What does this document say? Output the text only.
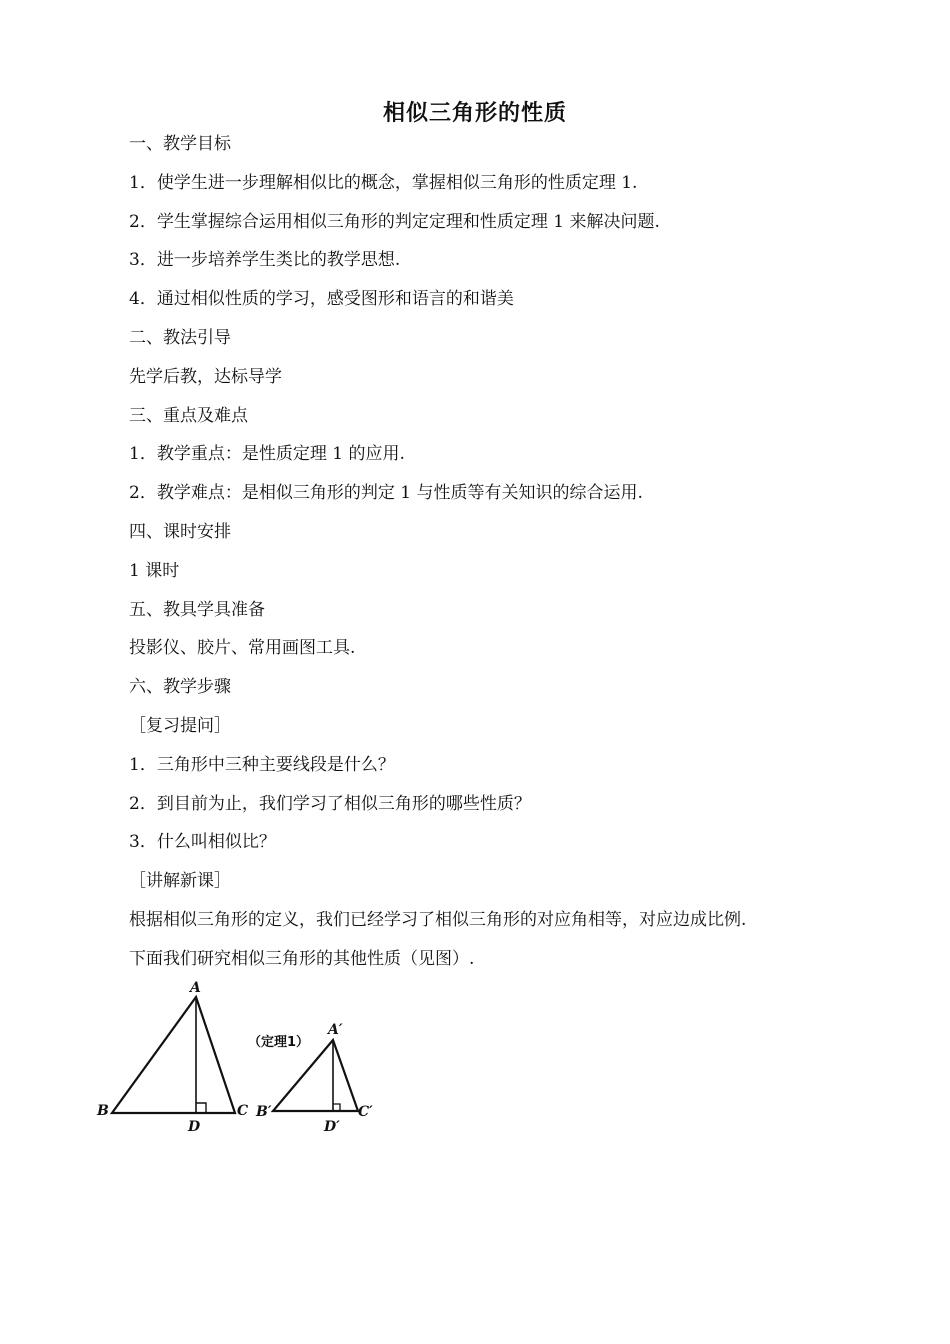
相似三角形的性质
一、教学目标
1．使学生进一步理解相似比的概念，掌握相似三角形的性质定理 1.
2．学生掌握综合运用相似三角形的判定定理和性质定理 1 来解决问题.
3．进一步培养学生类比的教学思想.
4．通过相似性质的学习，感受图形和语言的和谐美
二、教法引导
先学后教，达标导学
三、重点及难点
1．教学重点：是性质定理 1 的应用.
2．教学难点：是相似三角形的判定 1 与性质等有关知识的综合运用.
四、课时安排
1 课时
五、教具学具准备
投影仪、胶片、常用画图工具.
六、教学步骤
［复习提问］
1．三角形中三种主要线段是什么？
2．到目前为止，我们学习了相似三角形的哪些性质？
3．什么叫相似比？
［讲解新课］
根据相似三角形的定义，我们已经学习了相似三角形的对应角相等，对应边成比例.
下面我们研究相似三角形的其他性质（见图）.
A
B	C
D
（定理1）
A′
B′	C′
D′
